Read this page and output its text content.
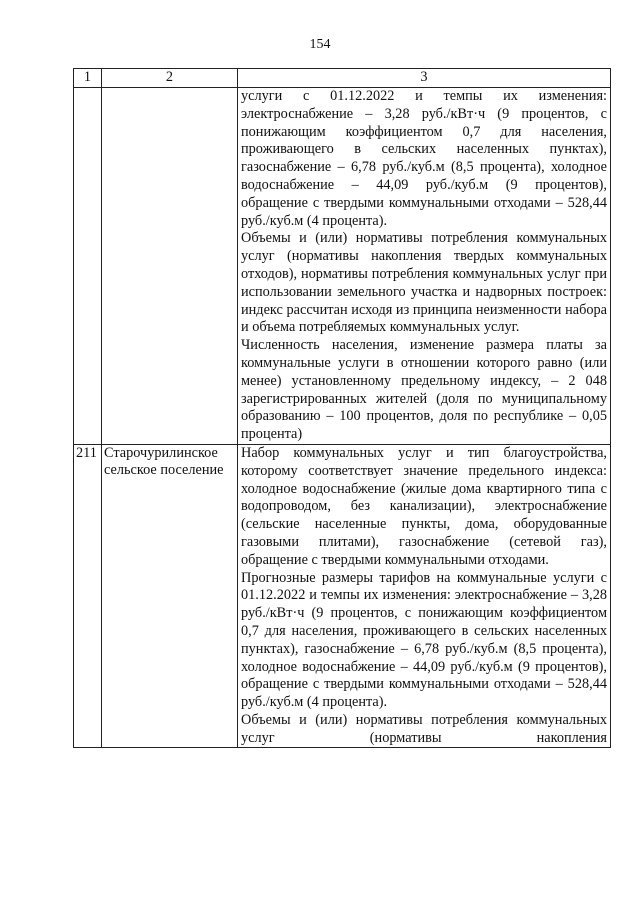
154
1	2	3

		услуги с 01.12.2022 и темпы их изменения: электроснабжение – 3,28 руб./кВт·ч (9 процентов, с понижающим коэффициентом 0,7 для населения, проживающего в сельских населенных пунктах), газоснабжение – 6,78 руб./куб.м (8,5 процента), холодное водоснабжение – 44,09 руб./куб.м (9 процентов), обращение с твердыми коммунальными отходами – 528,44 руб./куб.м (4 процента).

Объемы и (или) нормативы потребления коммунальных услуг (нормативы накопления твердых коммунальных отходов), нормативы потребления коммунальных услуг при использовании земельного участка и надворных построек: индекс рассчитан исходя из принципа неизменности набора и объема потребляемых коммунальных услуг.

Численность населения, изменение размера платы за коммунальные услуги в отношении которого равно (или менее) установленному предельному индексу, – 2 048 зарегистрированных жителей (доля по муниципальному образованию – 100 процентов, доля по республике – 0,05 процента)

211	Старочурилинское сельское поселение	Набор коммунальных услуг и тип благоустройства, которому соответствует значение предельного индекса: холодное водоснабжение (жилые дома квартирного типа с водопроводом, без канализации), электроснабжение (сельские населенные пункты, дома, оборудованные газовыми плитами), газоснабжение (сетевой газ), обращение с твердыми коммунальными отходами.

Прогнозные размеры тарифов на коммунальные услуги с 01.12.2022 и темпы их изменения: электроснабжение – 3,28 руб./кВт·ч (9 процентов, с понижающим коэффициентом 0,7 для населения, проживающего в сельских населенных пунктах), газоснабжение – 6,78 руб./куб.м (8,5 процента), холодное водоснабжение – 44,09 руб./куб.м (9 процентов), обращение с твердыми коммунальными отходами – 528,44 руб./куб.м (4 процента).

Объемы и (или) нормативы потребления коммунальных услуг (нормативы накопления
